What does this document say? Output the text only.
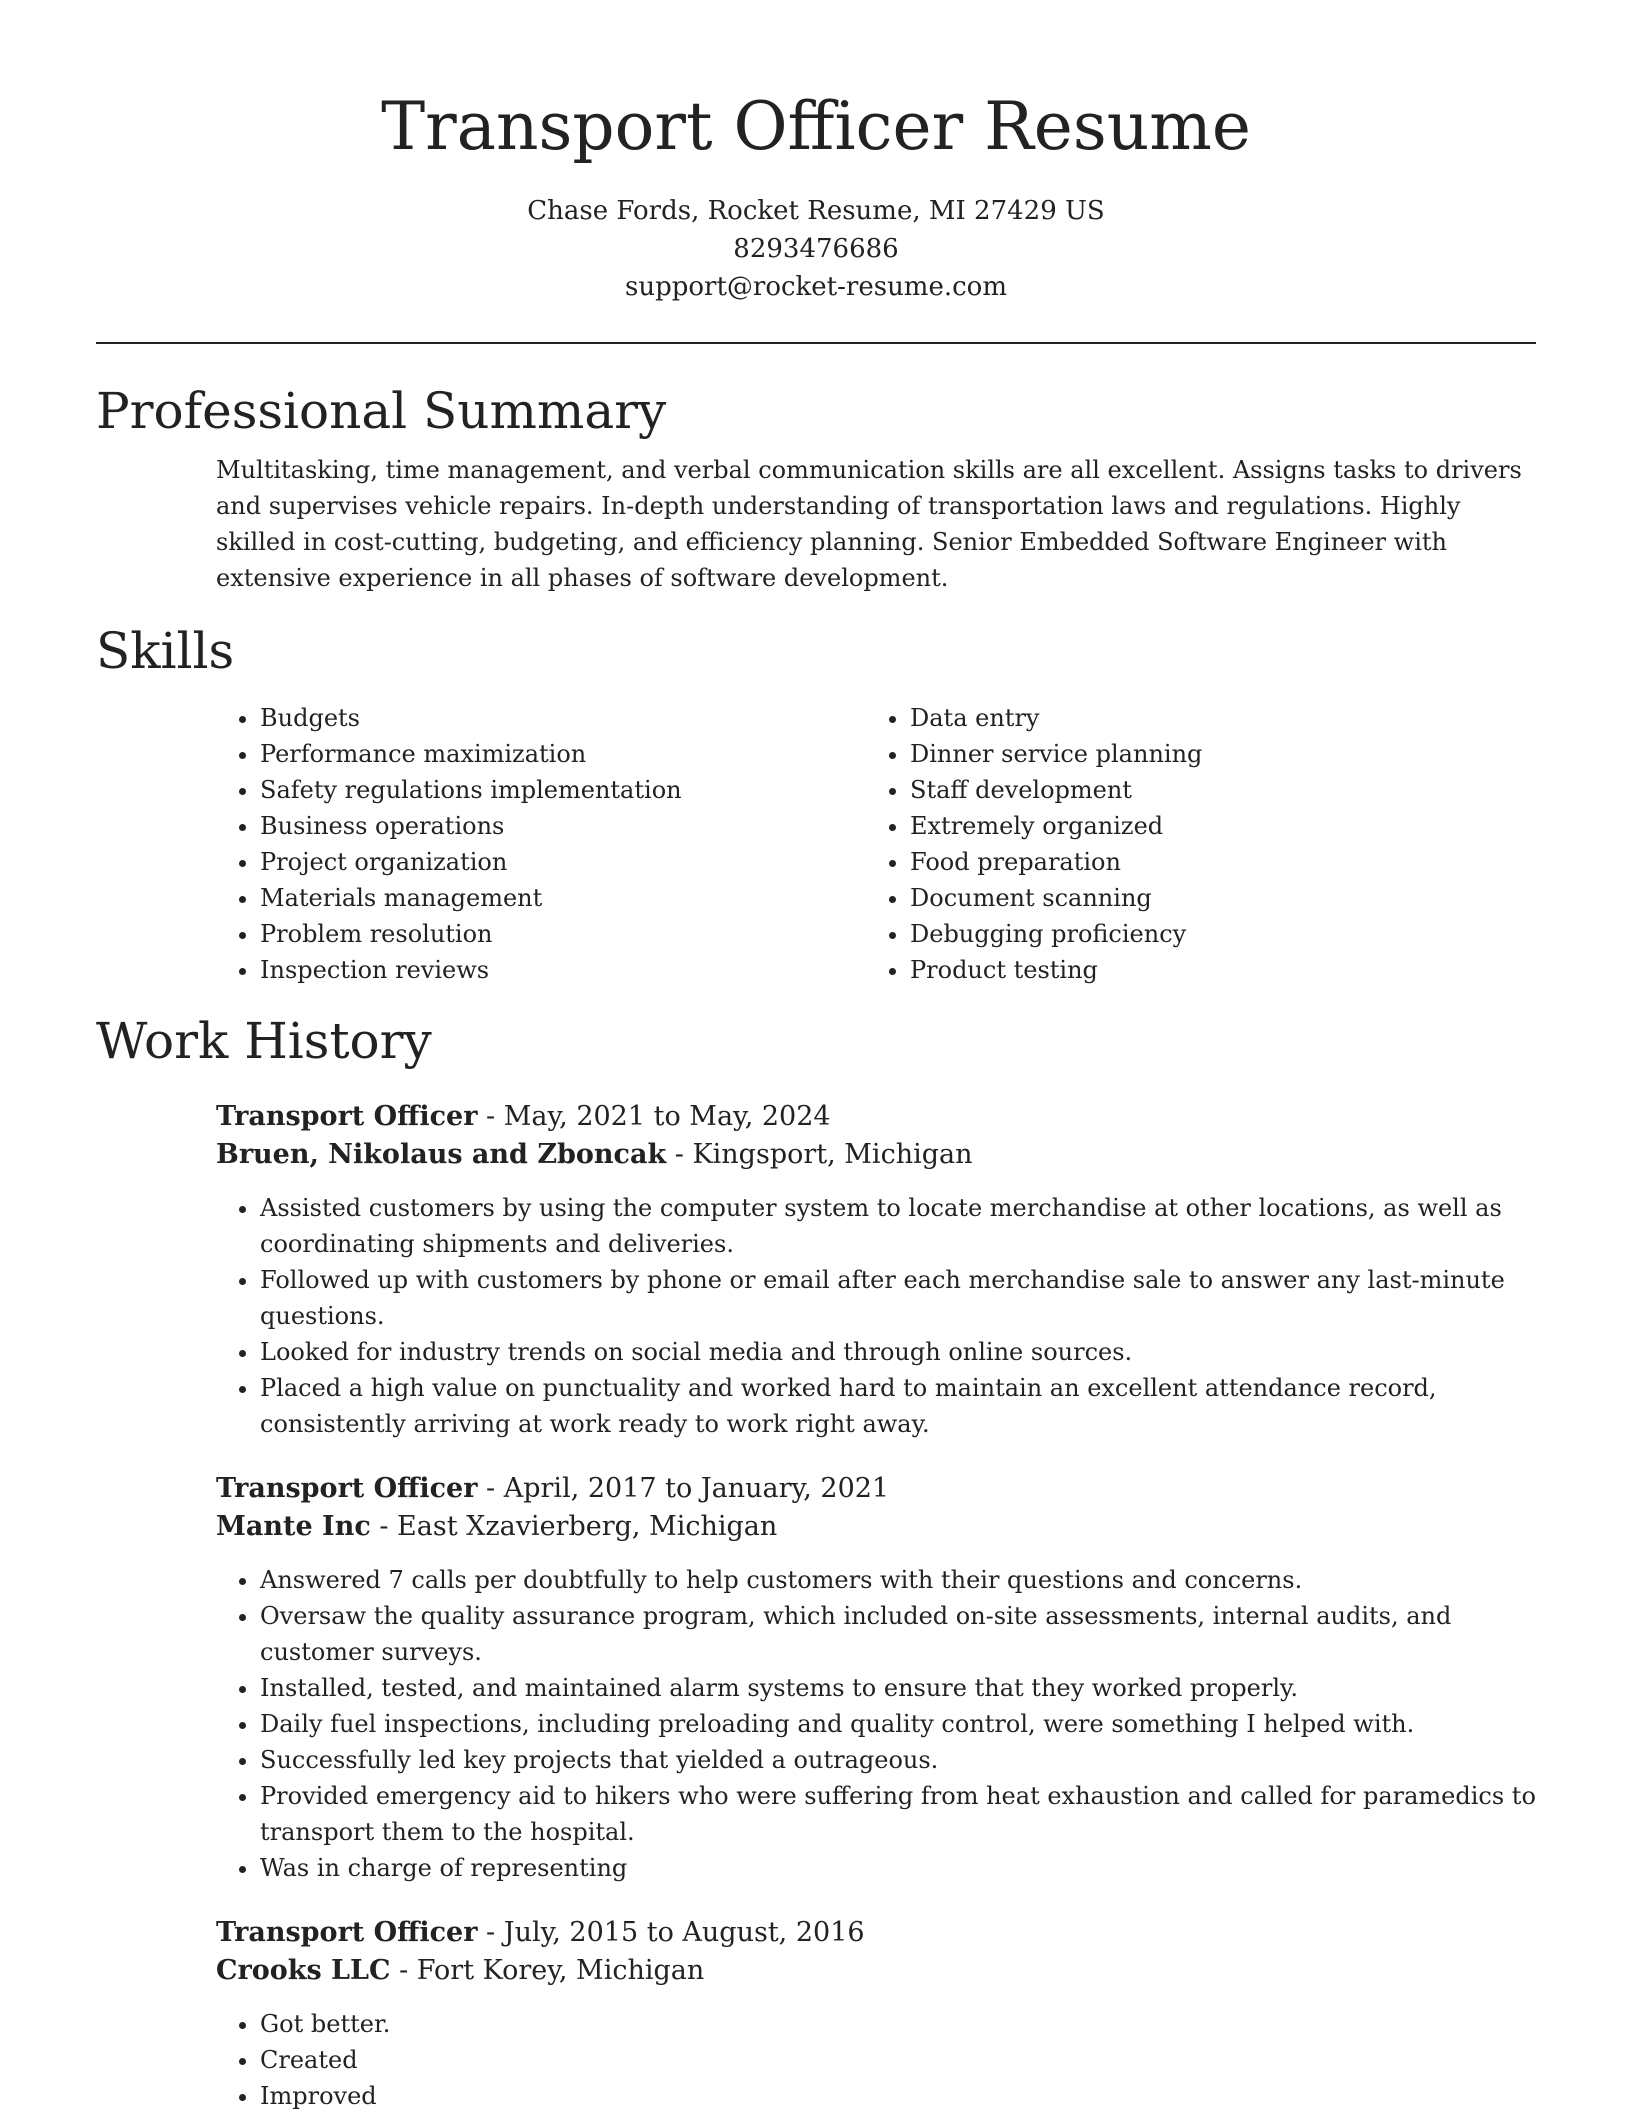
Transport Officer Resume

Chase Fords, Rocket Resume, MI 27429 US

8293476686

support@rocket-resume.com

Professional Summary

Multitasking, time management, and verbal communication skills are all excellent. Assigns tasks to drivers and supervises vehicle repairs. In-depth understanding of transportation laws and regulations. Highly skilled in cost-cutting, budgeting, and efficiency planning. Senior Embedded Software Engineer with extensive experience in all phases of software development.

Skills
• Budgets
• Performance maximization
• Safety regulations implementation
• Business operations
• Project organization
• Materials management
• Problem resolution
• Inspection reviews
• Data entry
• Dinner service planning
• Staff development
• Extremely organized
• Food preparation
• Document scanning
• Debugging proficiency
• Product testing
Work History
Transport Officer - May, 2021 to May, 2024
Bruen, Nikolaus and Zboncak - Kingsport, Michigan
• Assisted customers by using the computer system to locate merchandise at other locations, as well as coordinating shipments and deliveries.
• Followed up with customers by phone or email after each merchandise sale to answer any last-minute questions.
• Looked for industry trends on social media and through online sources.
• Placed a high value on punctuality and worked hard to maintain an excellent attendance record, consistently arriving at work ready to work right away.
Transport Officer - April, 2017 to January, 2021
Mante Inc - East Xzavierberg, Michigan
• Answered 7 calls per doubtfully to help customers with their questions and concerns.
• Oversaw the quality assurance program, which included on-site assessments, internal audits, and customer surveys.
• Installed, tested, and maintained alarm systems to ensure that they worked properly.
• Daily fuel inspections, including preloading and quality control, were something I helped with.
• Successfully led key projects that yielded a outrageous.
• Provided emergency aid to hikers who were suffering from heat exhaustion and called for paramedics to transport them to the hospital.
• Was in charge of representing
Transport Officer - July, 2015 to August, 2016
Crooks LLC - Fort Korey, Michigan
• Got better.
• Created
• Improved
